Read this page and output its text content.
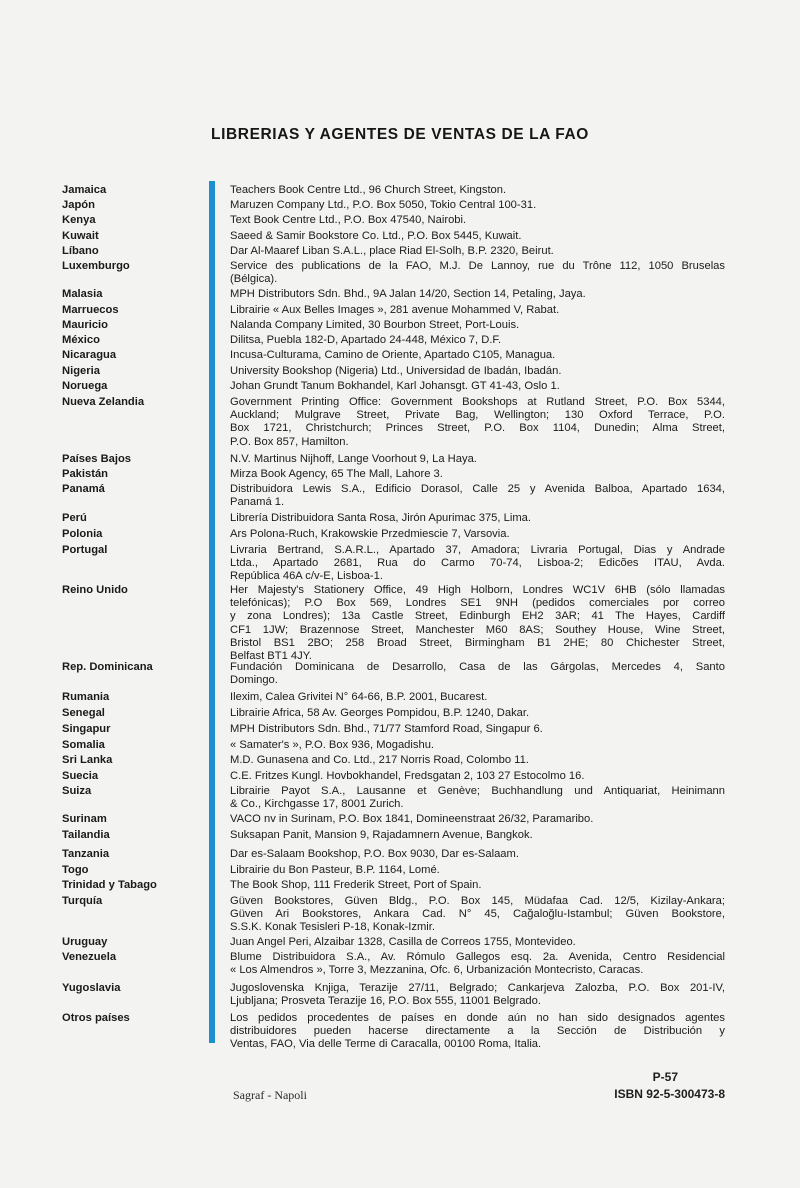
LIBRERIAS Y AGENTES DE VENTAS DE LA FAO
Jamaica	Teachers Book Centre Ltd., 96 Church Street, Kingston.
Japón	Maruzen Company Ltd., P.O. Box 5050, Tokio Central 100-31.
Kenya	Text Book Centre Ltd., P.O. Box 47540, Nairobi.
Kuwait	Saeed & Samir Bookstore Co. Ltd., P.O. Box 5445, Kuwait.
Líbano	Dar Al-Maaref Liban S.A.L., place Riad El-Solh, B.P. 2320, Beirut.
Luxemburgo	Service des publications de la FAO, M.J. De Lannoy, rue du Trône 112, 1050 Bruselas
(Bélgica).
Malasia	MPH Distributors Sdn. Bhd., 9A Jalan 14/20, Section 14, Petaling, Jaya.
Marruecos	Librairie « Aux Belles Images », 281 avenue Mohammed V, Rabat.
Mauricio	Nalanda Company Limited, 30 Bourbon Street, Port-Louis.
México	Dilitsa, Puebla 182-D, Apartado 24-448, México 7, D.F.
Nicaragua	Incusa-Culturama, Camino de Oriente, Apartado C105, Managua.
Nigeria	University Bookshop (Nigeria) Ltd., Universidad de Ibadán, Ibadán.
Noruega	Johan Grundt Tanum Bokhandel, Karl Johansgt. GT 41-43, Oslo 1.
Nueva Zelandia	Government Printing Office: Government Bookshops at Rutland Street, P.O. Box 5344,
Auckland; Mulgrave Street, Private Bag, Wellington; 130 Oxford Terrace, P.O.
Box 1721, Christchurch; Princes Street, P.O. Box 1104, Dunedin; Alma Street,
P.O. Box 857, Hamilton.
Países Bajos	N.V. Martinus Nijhoff, Lange Voorhout 9, La Haya.
Pakistán	Mirza Book Agency, 65 The Mall, Lahore 3.
Panamá	Distribuidora Lewis S.A., Edificio Dorasol, Calle 25 y Avenida Balboa, Apartado 1634,
Panamá 1.
Perú	Librería Distribuidora Santa Rosa, Jirón Apurimac 375, Lima.
Polonia	Ars Polona-Ruch, Krakowskie Przedmiescie 7, Varsovia.
Portugal	Livraria Bertrand, S.A.R.L., Apartado 37, Amadora; Livraria Portugal, Dias y Andrade
Ltda., Apartado 2681, Rua do Carmo 70-74, Lisboa-2; Edicões ITAU, Avda.
República 46A c/v-E, Lisboa-1.
Reino Unido	Her Majesty's Stationery Office, 49 High Holborn, Londres WC1V 6HB (sólo llamadas
telefónicas); P.O Box 569, Londres SE1 9NH (pedidos comerciales por correo
y zona Londres); 13a Castle Street, Edinburgh EH2 3AR; 41 The Hayes, Cardiff
CF1 1JW; Brazennose Street, Manchester M60 8AS; Southey House, Wine Street,
Bristol BS1 2BO; 258 Broad Street, Birmingham B1 2HE; 80 Chichester Street,
Belfast BT1 4JY.
Rep. Dominicana	Fundación Dominicana de Desarrollo, Casa de las Gárgolas, Mercedes 4, Santo
Domingo.
Rumania	Ilexim, Calea Grivitei N° 64-66, B.P. 2001, Bucarest.
Senegal	Librairie Africa, 58 Av. Georges Pompidou, B.P. 1240, Dakar.
Singapur	MPH Distributors Sdn. Bhd., 71/77 Stamford Road, Singapur 6.
Somalia	« Samater's », P.O. Box 936, Mogadishu.
Sri Lanka	M.D. Gunasena and Co. Ltd., 217 Norris Road, Colombo 11.
Suecia	C.E. Fritzes Kungl. Hovbokhandel, Fredsgatan 2, 103 27 Estocolmo 16.
Suiza	Librairie Payot S.A., Lausanne et Genève; Buchhandlung und Antiquariat, Heinimann
& Co., Kirchgasse 17, 8001 Zurich.
Surinam	VACO nv in Surinam, P.O. Box 1841, Domineenstraat 26/32, Paramaribo.
Tailandia	Suksapan Panit, Mansion 9, Rajadamnern Avenue, Bangkok.
Tanzania	Dar es-Salaam Bookshop, P.O. Box 9030, Dar es-Salaam.
Togo	Librairie du Bon Pasteur, B.P. 1164, Lomé.
Trinidad y Tabago	The Book Shop, 111 Frederik Street, Port of Spain.
Turquía	Güven Bookstores, Güven Bldg., P.O. Box 145, Müdafaa Cad. 12/5, Kizilay-Ankara;
Güven Ari Bookstores, Ankara Cad. N° 45, Cağaloğlu-Istambul; Güven Bookstore,
S.S.K. Konak Tesisleri P-18, Konak-Izmir.
Uruguay	Juan Angel Peri, Alzaibar 1328, Casilla de Correos 1755, Montevideo.
Venezuela	Blume Distribuidora S.A., Av. Rómulo Gallegos esq. 2a. Avenida, Centro Residencial
« Los Almendros », Torre 3, Mezzanina, Ofc. 6, Urbanización Montecristo, Caracas.
Yugoslavia	Jugoslovenska Knjiga, Terazije 27/11, Belgrado; Cankarjeva Zalozba, P.O. Box 201-IV,
Ljubljana; Prosveta Terazije 16, P.O. Box 555, 11001 Belgrado.
Otros países	Los pedidos procedentes de países en donde aún no han sido designados agentes
distribuidores pueden hacerse directamente a la Sección de Distribución y
Ventas, FAO, Via delle Terme di Caracalla, 00100 Roma, Italia.
Sagraf - Napoli
P-57
ISBN 92-5-300473-8
